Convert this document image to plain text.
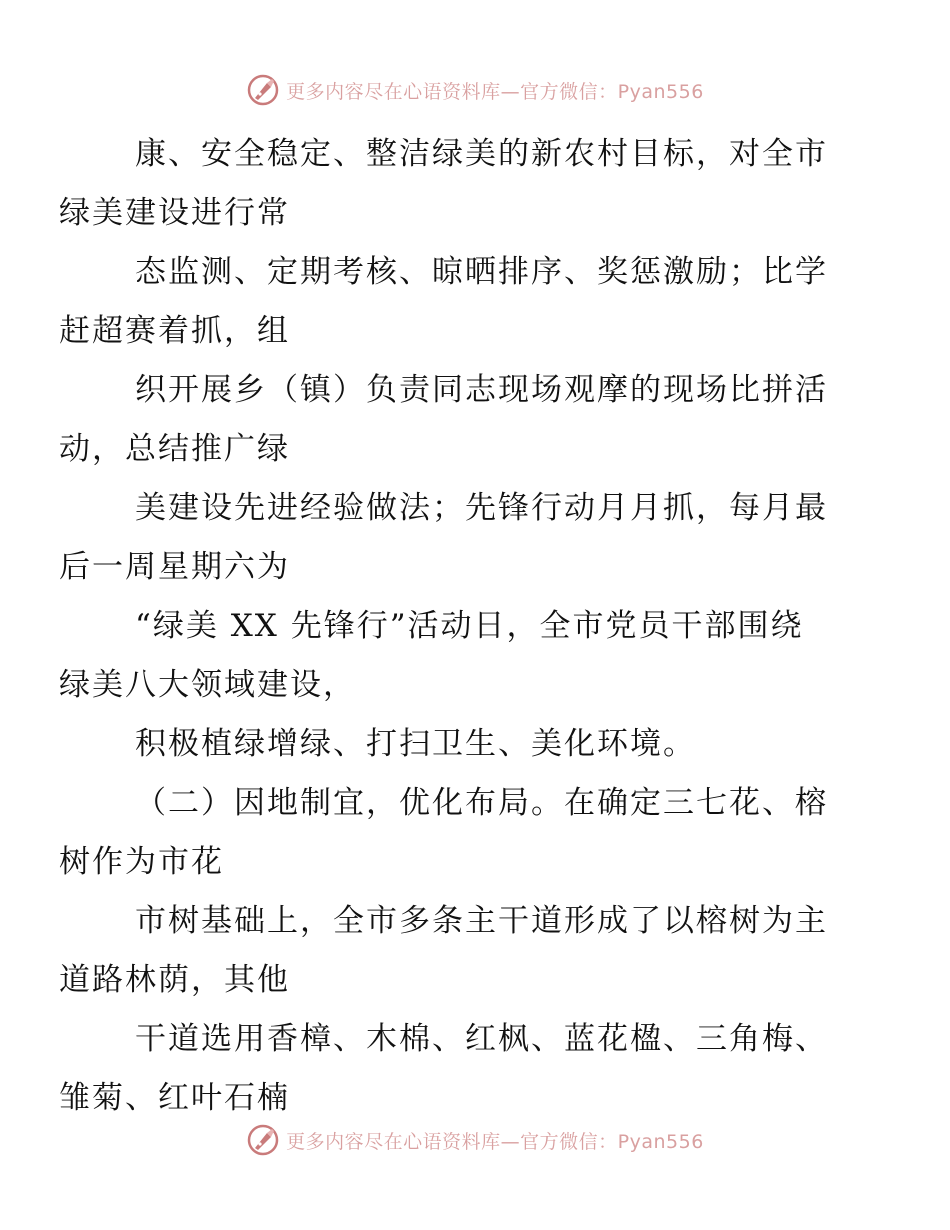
更多内容尽在心语资料库—官方微信：Pyan556

康、安全稳定、整洁绿美的新农村目标，对全市
绿美建设进行常

态监测、定期考核、晾晒排序、奖惩激励；比学
赶超赛着抓，组

织开展乡（镇）负责同志现场观摩的现场比拼活
动，总结推广绿

美建设先进经验做法；先锋行动月月抓，每月最
后一周星期六为

“绿美 XX 先锋行”活动日，全市党员干部围绕
绿美八大领域建设，

积极植绿增绿、打扫卫生、美化环境。

（二）因地制宜，优化布局。在确定三七花、榕
树作为市花

市树基础上，全市多条主干道形成了以榕树为主
道路林荫，其他

干道选用香樟、木棉、红枫、蓝花楹、三角梅、
雏菊、红叶石楠

更多内容尽在心语资料库—官方微信：Pyan556
